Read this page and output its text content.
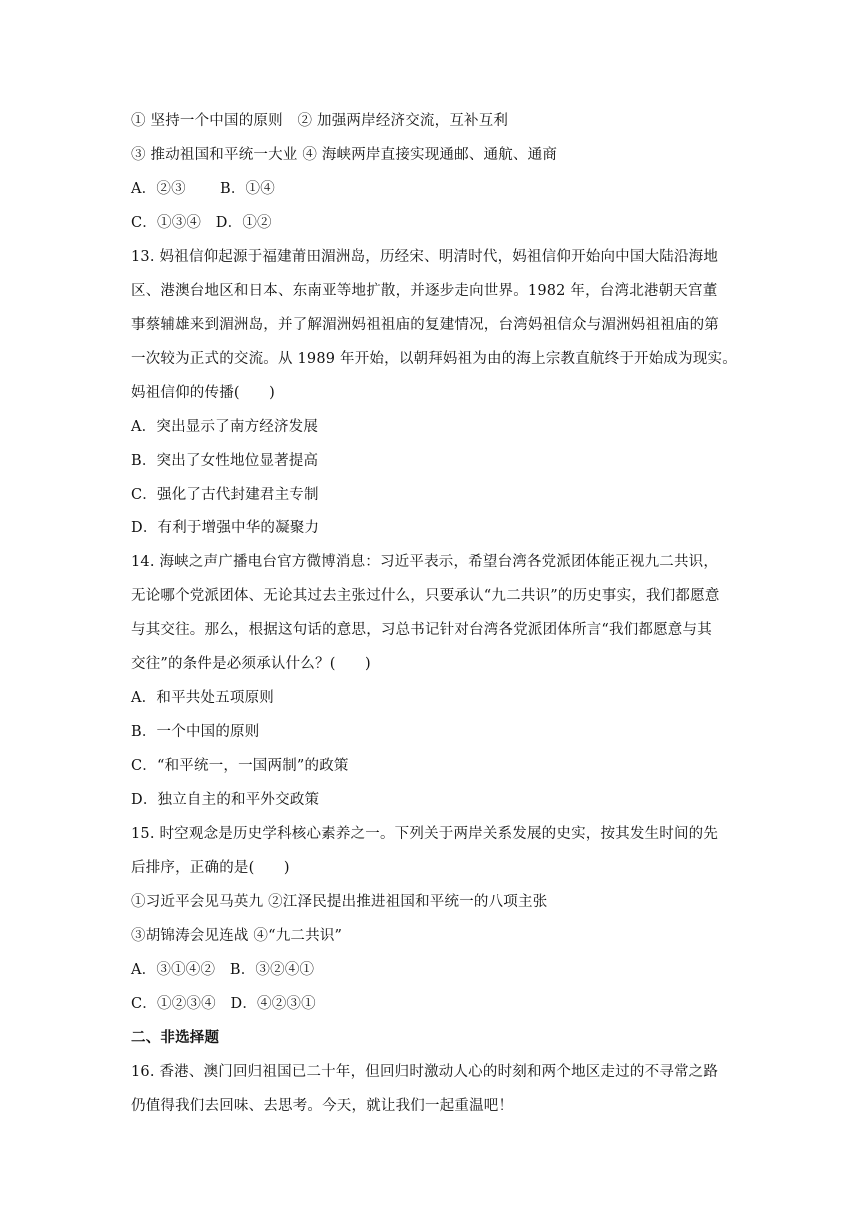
① 坚持一个中国的原则　② 加强两岸经济交流，互补互利
③ 推动祖国和平统一大业 ④ 海峡两岸直接实现通邮、通航、通商
A．②③　　 B．①④
C．①③④　D．①②
13. 妈祖信仰起源于福建莆田湄洲岛，历经宋、明清时代，妈祖信仰开始向中国大陆沿海地
区、港澳台地区和日本、东南亚等地扩散，并逐步走向世界。1982 年，台湾北港朝天宫董
事蔡辅雄来到湄洲岛，并了解湄洲妈祖祖庙的复建情况，台湾妈祖信众与湄洲妈祖祖庙的第
一次较为正式的交流。从 1989 年开始，以朝拜妈祖为由的海上宗教直航终于开始成为现实。
妈祖信仰的传播(　　)
A．突出显示了南方经济发展
B．突出了女性地位显著提高
C．强化了古代封建君主专制
D．有利于增强中华的凝聚力
14. 海峡之声广播电台官方微博消息：习近平表示，希望台湾各党派团体能正视九二共识，
无论哪个党派团体、无论其过去主张过什么，只要承认“九二共识”的历史事实，我们都愿意
与其交往。那么，根据这句话的意思，习总书记针对台湾各党派团体所言“我们都愿意与其
交往”的条件是必须承认什么？(　　)
A．和平共处五项原则
B．一个中国的原则
C．“和平统一，一国两制”的政策
D．独立自主的和平外交政策
15. 时空观念是历史学科核心素养之一。下列关于两岸关系发展的史实，按其发生时间的先
后排序，正确的是(　　)
①习近平会见马英九 ②江泽民提出推进祖国和平统一的八项主张
③胡锦涛会见连战 ④“九二共识”
A．③①④②　B．③②④①
C．①②③④　D．④②③①
二、非选择题
16. 香港、澳门回归祖国已二十年，但回归时激动人心的时刻和两个地区走过的不寻常之路
仍值得我们去回味、去思考。今天，就让我们一起重温吧！
